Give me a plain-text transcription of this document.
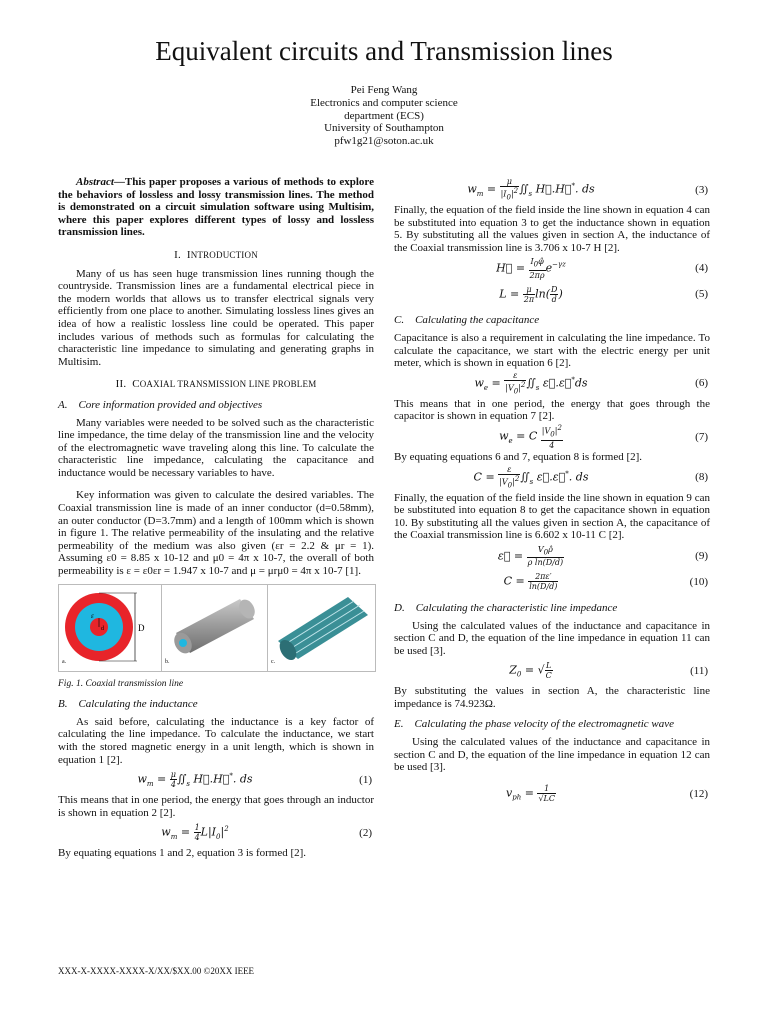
Equivalent circuits and Transmission lines
Pei Feng Wang
Electronics and computer science
department (ECS)
University of Southampton
pfw1g21@soton.ac.uk

Abstract—This paper proposes a various of methods to explore the behaviors of lossless and lossy transmission lines. The method is demonstrated on a circuit simulation software using Multisim, where this paper explores different types of lossy and lossless transmission lines.

I. INTRODUCTION

Many of us has seen huge transmission lines running though the countryside. Transmission lines are a fundamental electrical piece in the modern worlds that allows us to transfer electrical signals very efficiently from one place to another. Simulating lossless lines gives an idea of how a realistic lossless line could be operated. This paper includes various of methods such as formulas for calculating the characteristic line impedance to simulating and generating graphs in Multisim.

II. COAXIAL TRANSMISSION LINE PROBLEM
A. Core information provided and objectives

Many variables were needed to be solved such as the characteristic line impedance, the time delay of the transmission line and the velocity of the electromagnetic wave traveling along this line. To calculate the characteristic line impedance, calculating the capacitance and inductance would be necessary variables to have.

Key information was given to calculate the desired variables. The Coaxial transmission line is made of an inner conductor (d=0.58mm), an outer conductor (D=3.7mm) and a length of 100mm which is shown in figure 1. The relative permeability of the insulating and the relative permeability of the medium was also given (εr = 2.2 & μr = 1). Assuming ε0 = 8.85 x 10-12 and μ0 = 4π x 10-7, the overall of both permeability is ε = ε0εr = 1.947 x 10-7 and μ = μrμ0 = 4π x 10-7 [1].

D
ε
d
a.	b.	c.
Fig. 1. Coaxial transmission line
B. Calculating the inductance

As said before, calculating the inductance is a key factor of calculating the line impedance. To calculate the inductance, we start with the stored magnetic energy in a unit length, which is shown in equation 1 [2].

$w_m = \frac{\mu}{4}$ $∬_s$ H⃗.H⃗*. ds	(1)

This means that in one period, the energy that goes through an inductor is shown in equation 2 [2].

$w_m = \frac{1}{4} L|I_0|^2$	(2)

By equating equations 1 and 2, equation 3 is formed [2].

$w_m = \frac{\mu}{|I_0|^2}$ $∬_s$ H⃗.H⃗*. ds	(3)

Finally, the equation of the field inside the line shown in equation 4 can be substituted into equation 3 to get the inductance shown in equation 5. By substituting all the values given in section A, the inductance of the Coaxial transmission line is 3.706 x 10-7 H [2].

H⃗ = $\frac{I_0\varphî}{2\pi\rho} e^{-\gamma z}$	(4)
$L = \frac{\mu}{2\pi} \ln( \frac{D}{d}$ )	(5)
C. Calculating the capacitance

Capacitance is also a requirement in calculating the line impedance. To calculate the capacitance, we start with the electric energy per unit meter, which is shown in equation 6 [2].

$w_e = \frac{\varepsilon}{|V_0|^2}$ $∬_s$ ε⃗.ε⃗*ds	(6)

This means that in one period, the energy that goes through the capacitor is shown in equation 7 [2].

$w_e = C \frac{|V_0|^2}{4}$	(7)

By equating equations 6 and 7, equation 8 is formed [2].

$C = \frac{\varepsilon}{|V_0|^2}$ $∬_s$ ε⃗.ε⃗*. ds	(8)

Finally, the equation of the field inside the line shown in equation 9 can be substituted into equation 8 to get the capacitance shown in equation 10. By substituting all the values given in section A, the capacitance of the Coaxial transmission line is 6.602 x 10-11 C [2].

ε⃗ = $\frac{V_0\rhô}{\text{ρ ln(D/d)}}$	(9)
$C = \frac{2\pi\varepsilon'}{\ln(D/d)}$	(10)
D. Calculating the characteristic line impedance

Using the calculated values of the inductance and capacitance in section C and D, the equation of the line impedance in equation 11 can be used [3].

$Z_0$ = √ $\frac{L}{C}$	(11)

By substituting the values in section A, the characteristic line impedance is 74.923Ω.

E. Calculating the phase velocity of the electromagnetic wave

Using the calculated values of the inductance and capacitance in section C and D, the equation of the line impedance in equation 12 can be used [3].

$v_{ph} = \frac{1}{√LC}$	(12)
XXX-X-XXXX-XXXX-X/XX/$XX.00 ©20XX IEEE
